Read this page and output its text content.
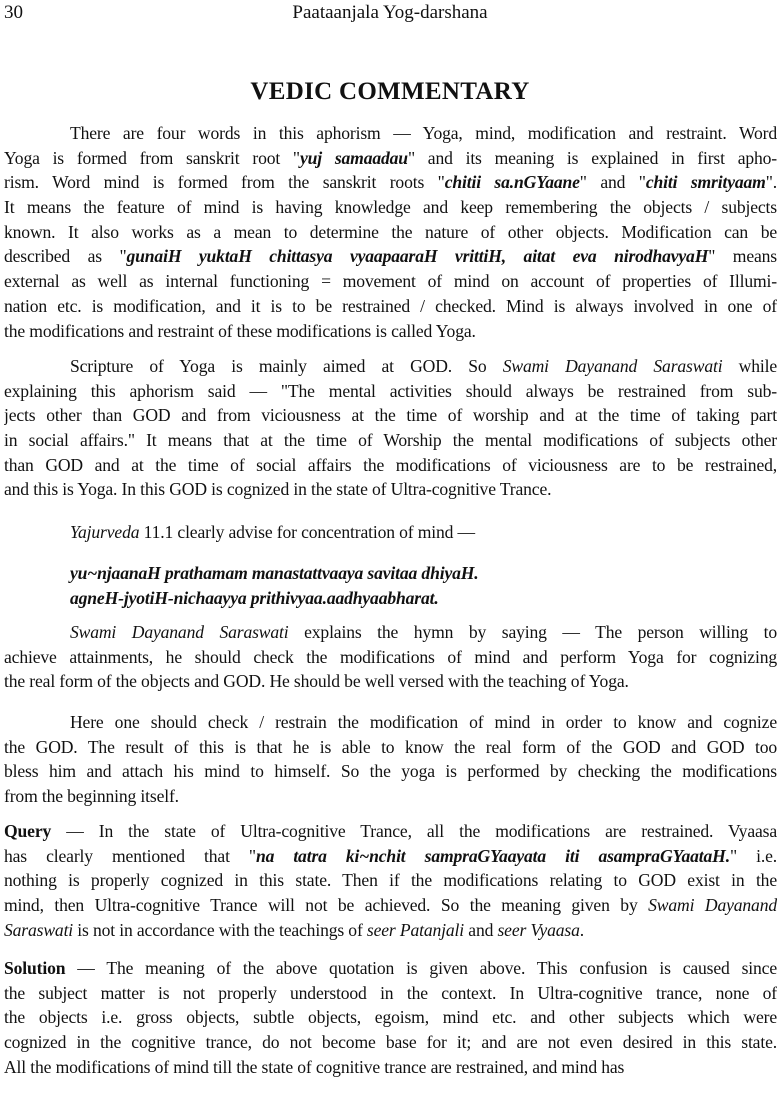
30	Paataanjala Yog-darshana
VEDIC COMMENTARY
There are four words in this aphorism — Yoga, mind, modification and restraint. Word
Yoga is formed from sanskrit root "yuj samaadau" and its meaning is explained in first apho-
rism. Word mind is formed from the sanskrit roots "chitii sa.nGYaane" and "chiti smrityaam".
It means the feature of mind is having knowledge and keep remembering the objects / subjects
known. It also works as a mean to determine the nature of other objects. Modification can be
described as "gunaiH yuktaH chittasya vyaapaaraH vrittiH, aitat eva nirodhavyaH" means
external as well as internal functioning = movement of mind on account of properties of Illumi-
nation etc. is modification, and it is to be restrained / checked. Mind is always involved in one of
the modifications and restraint of these modifications is called Yoga.
Scripture of Yoga is mainly aimed at GOD. So Swami Dayanand Saraswati while
explaining this aphorism said — "The mental activities should always be restrained from sub-
jects other than GOD and from viciousness at the time of worship and at the time of taking part
in social affairs." It means that at the time of Worship the mental modifications of subjects other
than GOD and at the time of social affairs the modifications of viciousness are to be restrained,
and this is Yoga. In this GOD is cognized in the state of Ultra-cognitive Trance.
Yajurveda 11.1 clearly advise for concentration of mind —
yu~njaanaH prathamam manastattvaaya savitaa dhiyaH.
agneH-jyotiH-nichaayya prithivyaa.aadhyaabharat.
Swami Dayanand Saraswati explains the hymn by saying — The person willing to
achieve attainments, he should check the modifications of mind and perform Yoga for cognizing
the real form of the objects and GOD. He should be well versed with the teaching of Yoga.
Here one should check / restrain the modification of mind in order to know and cognize
the GOD. The result of this is that he is able to know the real form of the GOD and GOD too
bless him and attach his mind to himself. So the yoga is performed by checking the modifications
from the beginning itself.
Query — In the state of Ultra-cognitive Trance, all the modifications are restrained. Vyaasa
has clearly mentioned that "na tatra ki~nchit sampraGYaayata iti asampraGYaataH." i.e.
nothing is properly cognized in this state. Then if the modifications relating to GOD exist in the
mind, then Ultra-cognitive Trance will not be achieved. So the meaning given by Swami Dayanand
Saraswati is not in accordance with the teachings of seer Patanjali and seer Vyaasa.
Solution — The meaning of the above quotation is given above. This confusion is caused since
the subject matter is not properly understood in the context. In Ultra-cognitive trance, none of
the objects i.e. gross objects, subtle objects, egoism, mind etc. and other subjects which were
cognized in the cognitive trance, do not become base for it; and are not even desired in this state.
All the modifications of mind till the state of cognitive trance are restrained, and mind has
